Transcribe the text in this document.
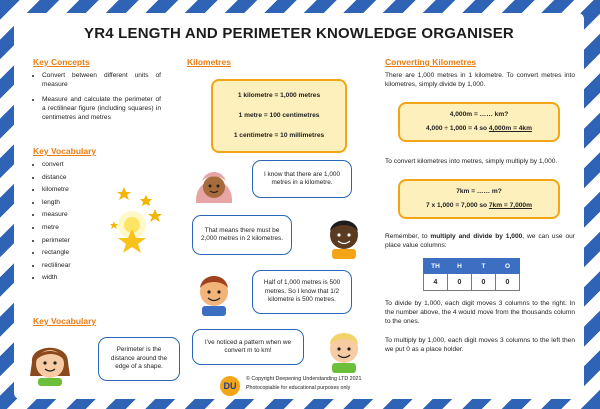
YR4 LENGTH AND PERIMETER KNOWLEDGE ORGANISER
Key Concepts
• Convert between different units of measure
• Measure and calculate the perimeter of a rectilinear figure (including squares) in centimetres and metres
Key Vocabulary
• convert
• distance
• kilometre
• length
• measure
• metre
• perimeter
• rectangle
• rectilinear
• width
Key Vocabulary
Perimeter is the distance around the edge of a shape.
Kilometres
1 kilometre = 1,000 metres
1 metre = 100 centimetres
1 centimetre = 10 millimetres
I know that there are 1,000 metres in a kilometre.
That means there must be 2,000 metres in 2 kilometres.
Half of 1,000 metres is 500 metres. So I know that 1/2 kilometre is 500 metres.
I've noticed a pattern when we convert m to km!
DU
© Copyright Deepening Understanding LTD 2021
Photocopiable for educational purposes only
Converting Kilometres
There are 1,000 metres in 1 kilometre. To convert metres into kilometres, simply divide by 1,000.
4,000m = …… km?
4,000 ÷ 1,000 = 4 so 4,000m = 4km
To convert kilometres into metres, simply multiply by 1,000.
7km = …… m?
7 x 1,000 = 7,000 so 7km = 7,000m
Remember, to multiply and divide by 1,000, we can use our place value columns:
TH	H	T	O
4	0	0	0
To divide by 1,000, each digit moves 3 columns to the right. In the number above, the 4 would move from the thousands column to the ones.
To multiply by 1,000, each digit moves 3 columns to the left then we put 0 as a place holder.
